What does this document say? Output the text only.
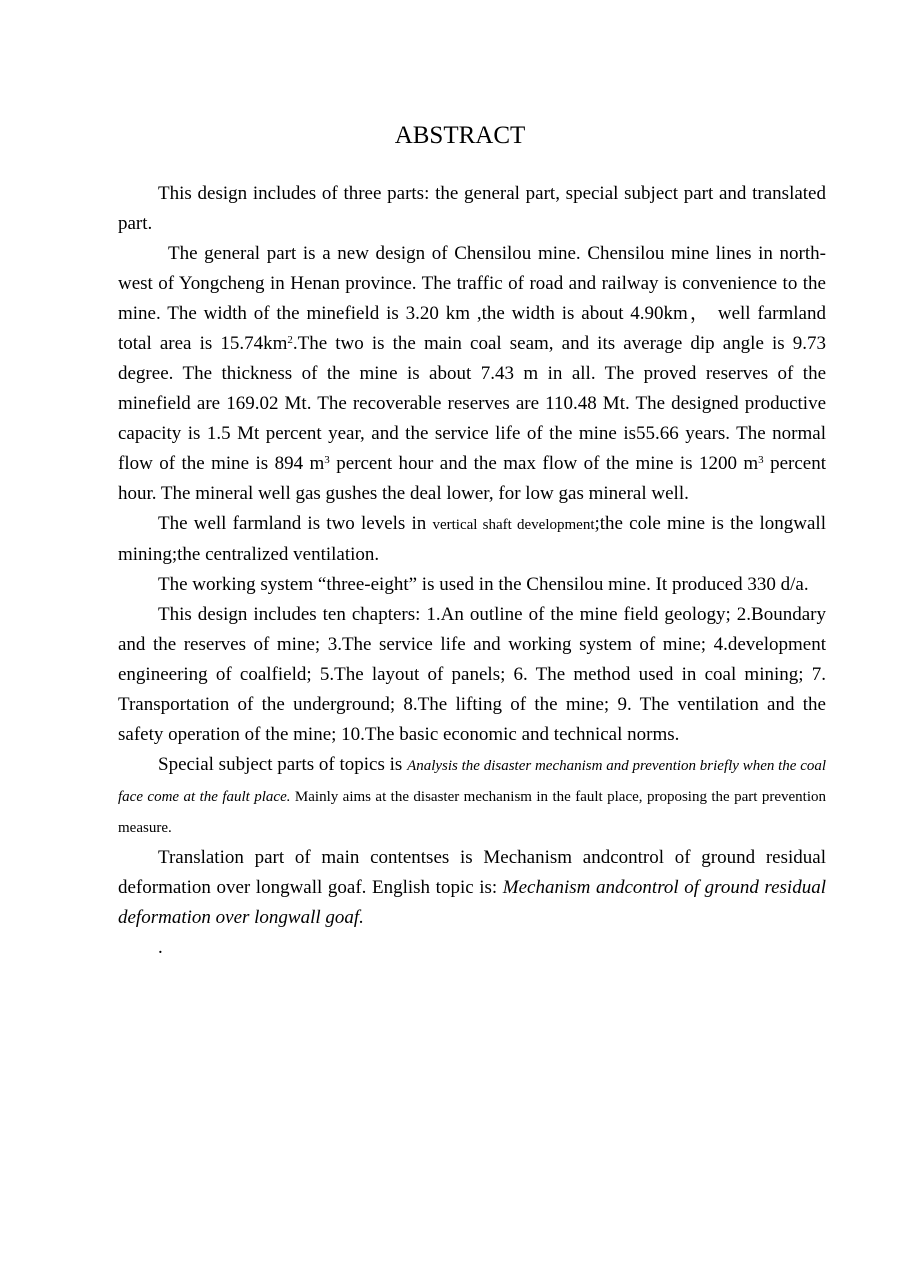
ABSTRACT

This design includes of three parts: the general part, special subject part and translated part.

The general part is a new design of Chensilou mine. Chensilou mine lines in north-west of Yongcheng in Henan province. The traffic of road and railway is convenience to the mine. The width of the minefield is 3.20 km ,the width is about 4.90km， well farmland total area is $15.74km^2.The$ two is the main coal seam, and its average dip angle is 9.73 degree. The thickness of the mine is about 7.43 m in all. The proved reserves of the minefield are 169.02 Mt. The recoverable reserves are 110.48 Mt. The designed productive capacity is 1.5 Mt percent year, and the service life of the mine is55.66 years. The normal flow of the mine is 894 $m^3$ percent hour and the max flow of the mine is 1200 $m^3$ percent hour. The mineral well gas gushes the deal lower, for low gas mineral well.

The well farmland is two levels in vertical shaft development;the cole mine is the longwall mining;the centralized ventilation.

The working system “three-eight” is used in the Chensilou mine. It produced 330 d/a.

This design includes ten chapters: 1.An outline of the mine field geology; 2.Boundary and the reserves of mine; 3.The service life and working system of mine; 4.development engineering of coalfield; 5.The layout of panels; 6. The method used in coal mining; 7. Transportation of the underground; 8.The lifting of the mine; 9. The ventilation and the safety operation of the mine; 10.The basic economic and technical norms.

Special subject parts of topics is Analysis the disaster mechanism and prevention briefly when the coal face come at the fault place. Mainly aims at the disaster mechanism in the fault place, proposing the part prevention measure.

Translation part of main contentses is Mechanism andcontrol of ground residual deformation over longwall goaf. English topic is: Mechanism andcontrol of ground residual deformation over longwall goaf.

.
